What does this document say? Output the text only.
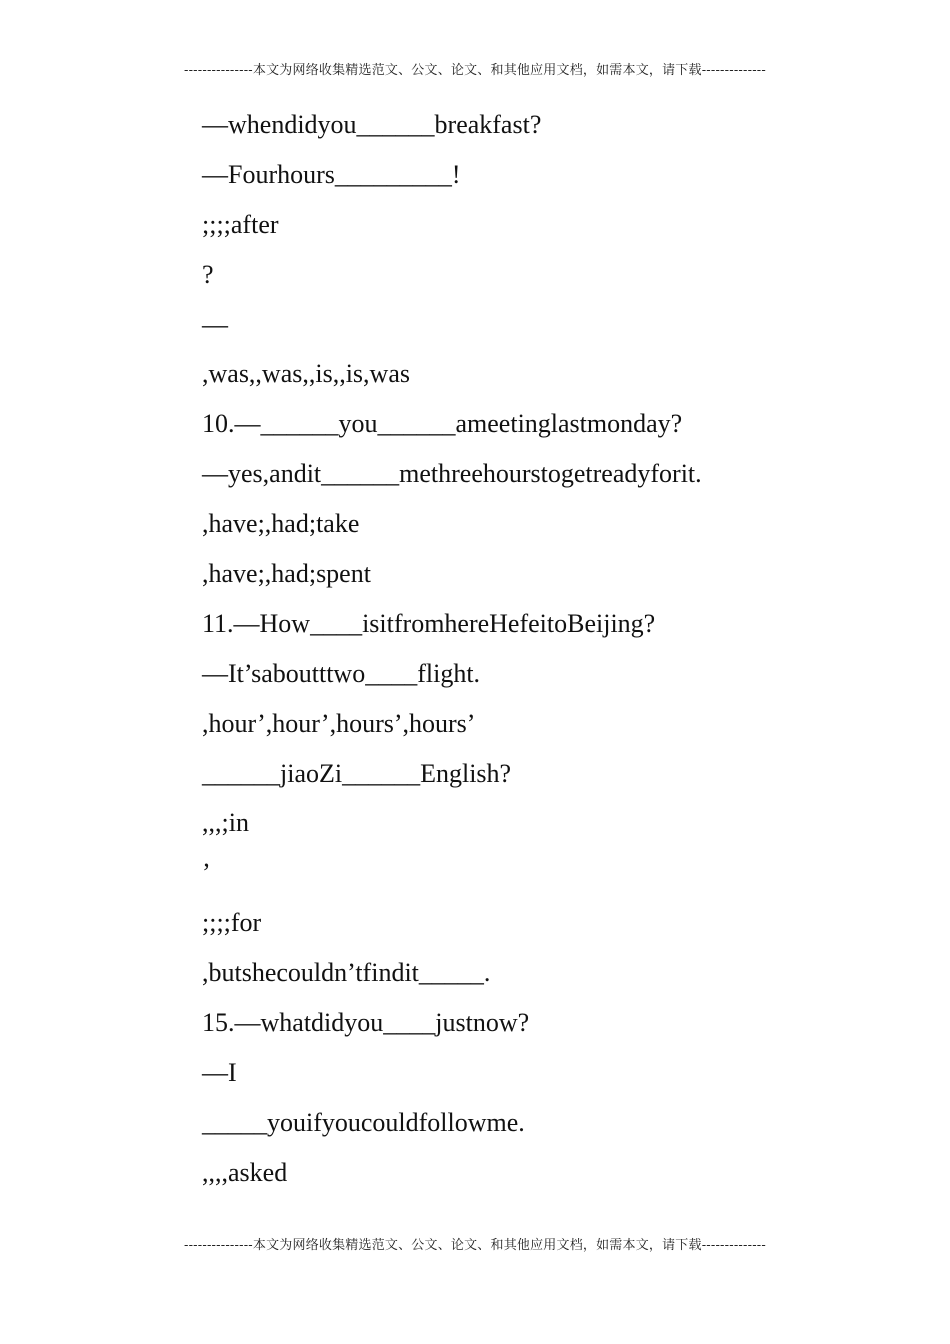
---------------本文为网络收集精选范文、公文、论文、和其他应用文档，如需本文，请下载--------------
—whendidyou______breakfast?
—Fourhours_________!
;;;;after
?
—
,was,,was,,is,,is,was
10.—______you______ameetinglastmonday?
—yes,andit______methreehourstogetreadyforit.
,have;,had;take
,have;,had;spent
11.—How____isitfromhereHefeitoBeijing?
—It’saboutttwo____flight.
,hour’,hour’,hours’,hours’
______jiaoZi______English?
,,,;in
’
;;;;for
,butshecouldn’tfindit_____.
15.—whatdidyou____justnow?
—I
_____youifyoucouldfollowme.
,,,,asked
---------------本文为网络收集精选范文、公文、论文、和其他应用文档，如需本文，请下载--------------
